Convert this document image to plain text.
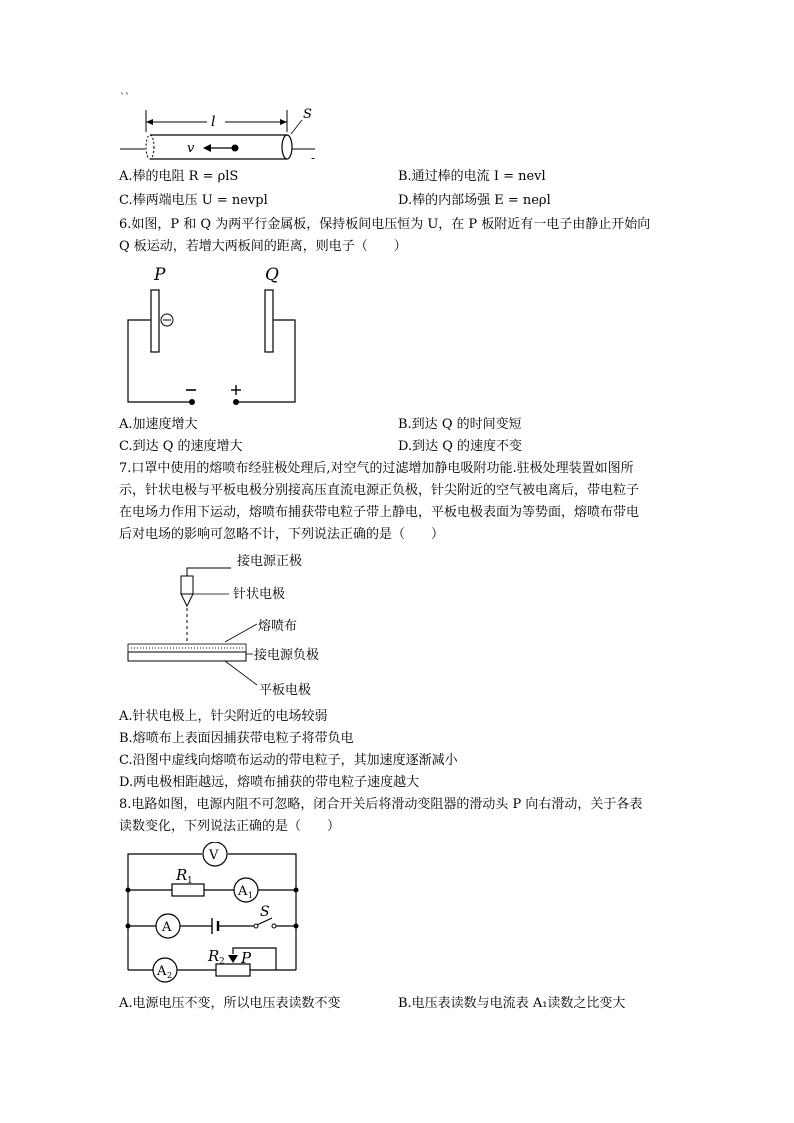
ˋˋ
l	S
v
-
A.棒的电阻 R = ρlS	B.通过棒的电流 I = nevl
C.棒两端电压 U = nevpl	D.棒的内部场强 E = neρl
6.如图，P 和 Q 为两平行金属板，保持板间电压恒为 U，在 P 板附近有一电子由静止开始向
Q 板运动，若增大两板间的距离，则电子（　　）
P	Q
A.加速度增大	B.到达 Q 的时间变短
C.到达 Q 的速度增大	D.到达 Q 的速度不变
7.口罩中使用的熔喷布经驻极处理后,对空气的过滤增加静电吸附功能.驻极处理装置如图所
示，针状电极与平板电极分别接高压直流电源正负极，针尖附近的空气被电离后，带电粒子
在电场力作用下运动，熔喷布捕获带电粒子带上静电，平板电极表面为等势面，熔喷布带电
后对电场的影响可忽略不计，下列说法正确的是（　　）
接电源正极
针状电极
熔喷布
接电源负极
平板电极
A.针状电极上，针尖附近的电场较弱
B.熔喷布上表面因捕获带电粒子将带负电
C.沿图中虚线向熔喷布运动的带电粒子，其加速度逐渐减小
D.两电极相距越远，熔喷布捕获的带电粒子速度越大
8.电路如图，电源内阻不可忽略，闭合开关后将滑动变阻器的滑动头 P 向右滑动，关于各表
读数变化，下列说法正确的是（　　）
V
R 1
A 1
A
S
A 2
R 2 P
A.电源电压不变，所以电压表读数不变	B.电压表读数与电流表 A₁读数之比变大
